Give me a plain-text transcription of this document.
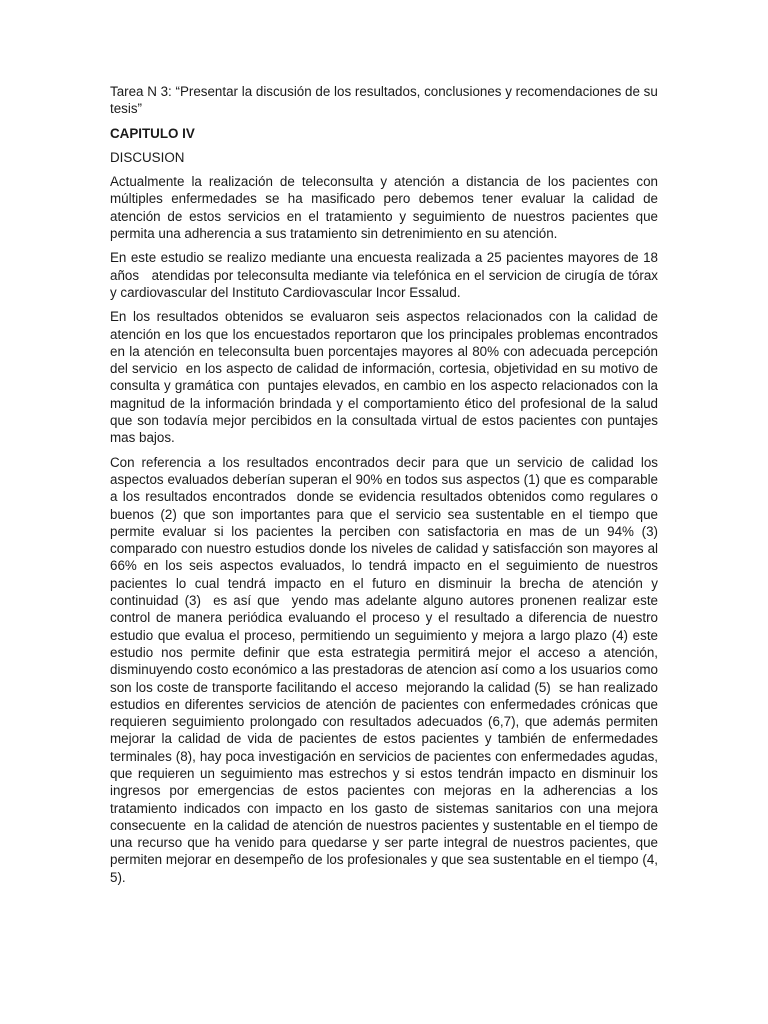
Tarea N 3: “Presentar la discusión de los resultados, conclusiones y recomendaciones de su tesis”

CAPITULO IV

DISCUSION

Actualmente la realización de teleconsulta y atención a distancia de los pacientes con múltiples enfermedades se ha masificado pero debemos tener evaluar la calidad de atención de estos servicios en el tratamiento y seguimiento de nuestros pacientes que permita una adherencia a sus tratamiento sin detrenimiento en su atención.

En este estudio se realizo mediante una encuesta realizada a 25 pacientes mayores de 18 años   atendidas por teleconsulta mediante via telefónica en el servicion de cirugía de tórax y cardiovascular del Instituto Cardiovascular Incor Essalud.

En los resultados obtenidos se evaluaron seis aspectos relacionados con la calidad de atención en los que los encuestados reportaron que los principales problemas encontrados en la atención en teleconsulta buen porcentajes mayores al 80% con adecuada percepción  del servicio  en los aspecto de calidad de información, cortesia, objetividad en su motivo de consulta y gramática con  puntajes elevados, en cambio en los aspecto relacionados con la magnitud de la información brindada y el comportamiento ético del profesional de la salud que son todavía mejor percibidos en la consultada virtual de estos pacientes con puntajes mas bajos.

Con referencia a los resultados encontrados decir para que un servicio de calidad los aspectos evaluados deberían superan el 90% en todos sus aspectos (1) que es comparable a los resultados encontrados  donde se evidencia resultados obtenidos como regulares o buenos (2) que son importantes para que el servicio sea sustentable en el tiempo que permite evaluar si los pacientes la perciben con satisfactoria en mas de un 94% (3)  comparado con nuestro estudios donde los niveles de calidad y satisfacción son mayores al 66% en los seis aspectos evaluados, lo tendrá impacto en el seguimiento de nuestros pacientes lo cual tendrá impacto en el futuro en disminuir la brecha de atención y continuidad (3)  es así que  yendo mas adelante alguno autores pronenen realizar este control de manera periódica evaluando el proceso y el resultado a diferencia de nuestro estudio que evalua el proceso, permitiendo un seguimiento y mejora a largo plazo (4) este estudio nos permite definir que esta estrategia permitirá mejor el acceso a atención, disminuyendo costo económico a las prestadoras de atencion así como a los usuarios como son los coste de transporte facilitando el acceso  mejorando la calidad (5)  se han realizado estudios en diferentes servicios de atención de pacientes con enfermedades crónicas que requieren seguimiento prolongado con resultados adecuados (6,7), que además permiten mejorar la calidad de vida de pacientes de estos pacientes y también de enfermedades terminales (8), hay poca investigación en servicios de pacientes con enfermedades agudas, que requieren un seguimiento mas estrechos y si estos tendrán impacto en disminuir los ingresos por emergencias de estos pacientes con mejoras en la adherencias a los tratamiento indicados con impacto en los gasto de sistemas sanitarios con una mejora consecuente  en la calidad de atención de nuestros pacientes y sustentable en el tiempo de una recurso que ha venido para quedarse y ser parte integral de nuestros pacientes, que permiten mejorar en desempeño de los profesionales y que sea sustentable en el tiempo (4, 5).
